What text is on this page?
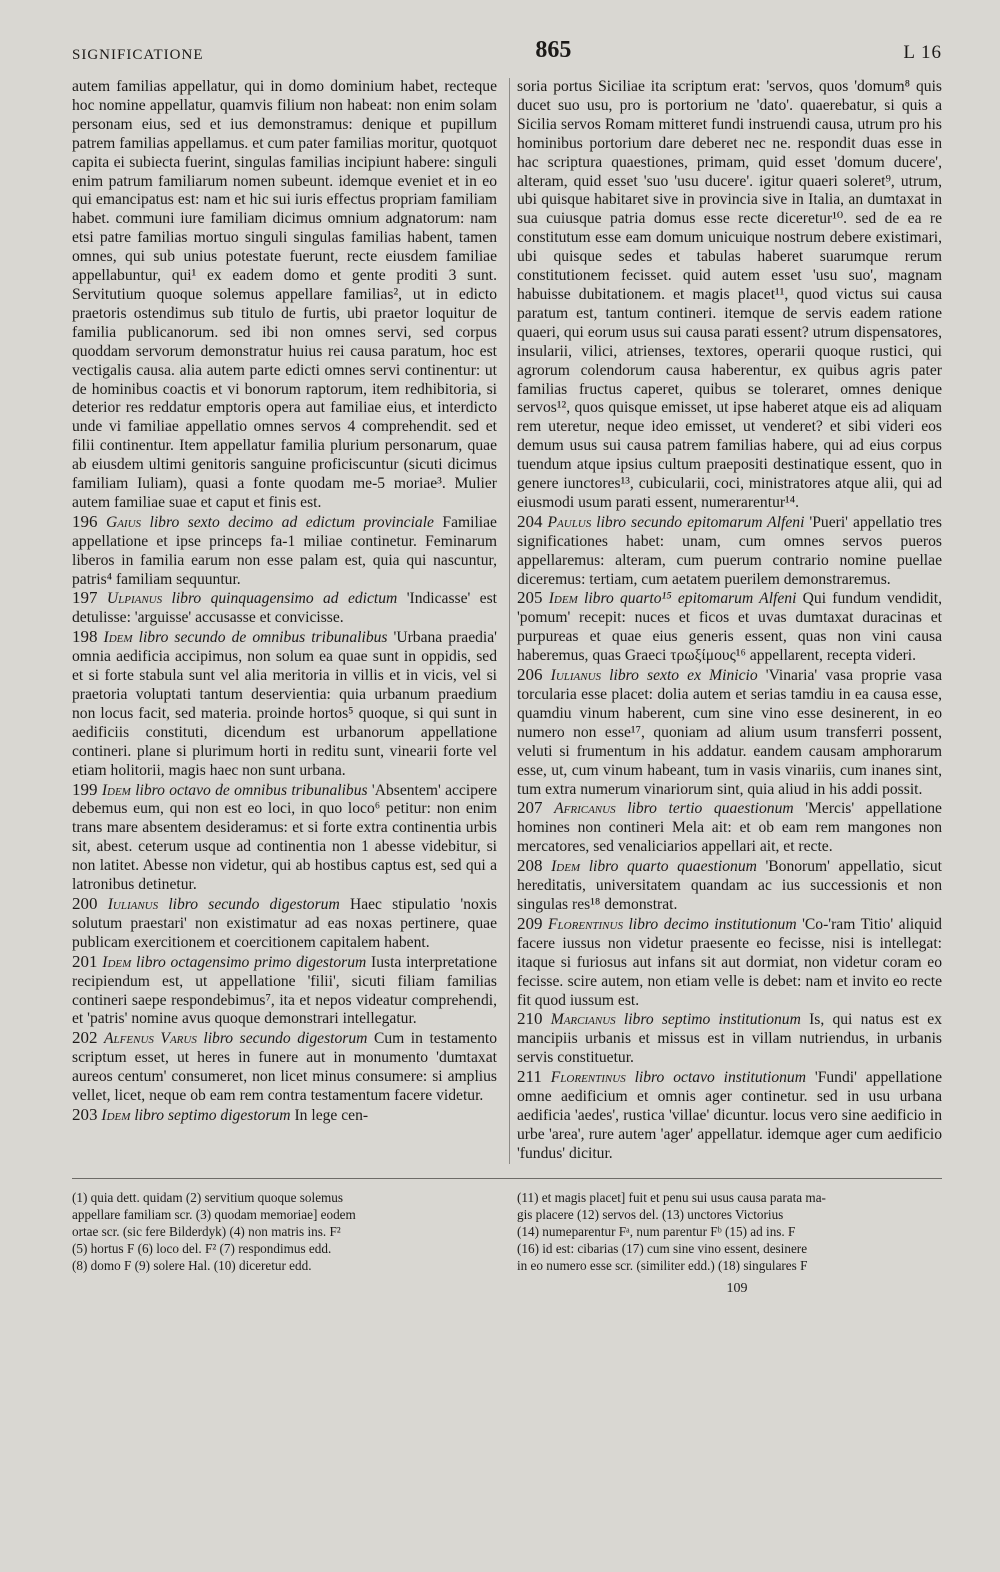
SIGNIFICATIONE	865	L 16

autem familias appellatur, qui in domo dominium habet, recteque hoc nomine appellatur, quamvis filium non habeat: non enim solam personam eius, sed et ius demonstramus: denique et pupillum patrem familias appellamus. et cum pater familias moritur, quotquot capita ei subiecta fuerint, singulas familias incipiunt habere: singuli enim patrum familiarum nomen subeunt. idemque eveniet et in eo qui emancipatus est: nam et hic sui iuris effectus propriam familiam habet. communi iure familiam dicimus omnium adgnatorum: nam etsi patre familias mortuo singuli singulas familias habent, tamen omnes, qui sub unius potestate fuerunt, recte eiusdem familiae appellabuntur, qui¹ ex eadem domo et gente proditi 3 sunt. Servitutium quoque solemus appellare familias², ut in edicto praetoris ostendimus sub titulo de furtis, ubi praetor loquitur de familia publicanorum. sed ibi non omnes servi, sed corpus quoddam servorum demonstratur huius rei causa paratum, hoc est vectigalis causa. alia autem parte edicti omnes servi continentur: ut de hominibus coactis et vi bonorum raptorum, item redhibitoria, si deterior res reddatur emptoris opera aut familiae eius, et interdicto unde vi familiae appellatio omnes servos 4 comprehendit. sed et filii continentur. Item appellatur familia plurium personarum, quae ab eiusdem ultimi genitoris sanguine proficiscuntur (sicuti dicimus familiam Iuliam), quasi a fonte quodam me-5 moriae³. Mulier autem familiae suae et caput et finis est.

196 Gaius libro sexto decimo ad edictum provinciale Familiae appellatione et ipse princeps fa-1 miliae continetur. Feminarum liberos in familia earum non esse palam est, quia qui nascuntur, patris⁴ familiam sequuntur.

197 Ulpianus libro quinquagensimo ad edictum 'Indicasse' est detulisse: 'arguisse' accusasse et convicisse.

198 Idem libro secundo de omnibus tribunalibus 'Urbana praedia' omnia aedificia accipimus, non solum ea quae sunt in oppidis, sed et si forte stabula sunt vel alia meritoria in villis et in vicis, vel si praetoria voluptati tantum deservientia: quia urbanum praedium non locus facit, sed materia. proinde hortos⁵ quoque, si qui sunt in aedificiis constituti, dicendum est urbanorum appellatione contineri. plane si plurimum horti in reditu sunt, vinearii forte vel etiam holitorii, magis haec non sunt urbana.

199 Idem libro octavo de omnibus tribunalibus 'Absentem' accipere debemus eum, qui non est eo loci, in quo loco⁶ petitur: non enim trans mare absentem desideramus: et si forte extra continentia urbis sit, abest. ceterum usque ad continentia non 1 abesse videbitur, si non latitet. Abesse non videtur, qui ab hostibus captus est, sed qui a latronibus detinetur.

200 Iulianus libro secundo digestorum Haec stipulatio 'noxis solutum praestari' non existimatur ad eas noxas pertinere, quae publicam exercitionem et coercitionem capitalem habent.

201 Idem libro octagensimo primo digestorum Iusta interpretatione recipiendum est, ut appellatione 'filii', sicuti filiam familias contineri saepe respondebimus⁷, ita et nepos videatur comprehendi, et 'patris' nomine avus quoque demonstrari intellegatur.

202 Alfenus Varus libro secundo digestorum Cum in testamento scriptum esset, ut heres in funere aut in monumento 'dumtaxat aureos centum' consumeret, non licet minus consumere: si amplius vellet, licet, neque ob eam rem contra testamentum facere videtur.

203 Idem libro septimo digestorum In lege cen-

soria portus Siciliae ita scriptum erat: 'servos, quos 'domum⁸ quis ducet suo usu, pro is portorium ne 'dato'. quaerebatur, si quis a Sicilia servos Romam mitteret fundi instruendi causa, utrum pro his hominibus portorium dare deberet nec ne. respondit duas esse in hac scriptura quaestiones, primam, quid esset 'domum ducere', alteram, quid esset 'suo 'usu ducere'. igitur quaeri soleret⁹, utrum, ubi quisque habitaret sive in provincia sive in Italia, an dumtaxat in sua cuiusque patria domus esse recte diceretur¹⁰. sed de ea re constitutum esse eam domum unicuique nostrum debere existimari, ubi quisque sedes et tabulas haberet suarumque rerum constitutionem fecisset. quid autem esset 'usu suo', magnam habuisse dubitationem. et magis placet¹¹, quod victus sui causa paratum est, tantum contineri. itemque de servis eadem ratione quaeri, qui eorum usus sui causa parati essent? utrum dispensatores, insularii, vilici, atrienses, textores, operarii quoque rustici, qui agrorum colendorum causa haberentur, ex quibus agris pater familias fructus caperet, quibus se toleraret, omnes denique servos¹², quos quisque emisset, ut ipse haberet atque eis ad aliquam rem uteretur, neque ideo emisset, ut venderet? et sibi videri eos demum usus sui causa patrem familias habere, qui ad eius corpus tuendum atque ipsius cultum praepositi destinatique essent, quo in genere iunctores¹³, cubicularii, coci, ministratores atque alii, qui ad eiusmodi usum parati essent, numerarentur¹⁴.

204 Paulus libro secundo epitomarum Alfeni 'Pueri' appellatio tres significationes habet: unam, cum omnes servos pueros appellaremus: alteram, cum puerum contrario nomine puellae diceremus: tertiam, cum aetatem puerilem demonstraremus.

205 Idem libro quarto¹⁵ epitomarum Alfeni Qui fundum vendidit, 'pomum' recepit: nuces et ficos et uvas dumtaxat duracinas et purpureas et quae eius generis essent, quas non vini causa haberemus, quas Graeci τρωξίμους¹⁶ appellarent, recepta videri.

206 Iulianus libro sexto ex Minicio 'Vinaria' vasa proprie vasa torcularia esse placet: dolia autem et serias tamdiu in ea causa esse, quamdiu vinum haberent, cum sine vino esse desinerent, in eo numero non esse¹⁷, quoniam ad alium usum transferri possent, veluti si frumentum in his addatur. eandem causam amphorarum esse, ut, cum vinum habeant, tum in vasis vinariis, cum inanes sint, tum extra numerum vinariorum sint, quia aliud in his addi possit.

207 Africanus libro tertio quaestionum 'Mercis' appellatione homines non contineri Mela ait: et ob eam rem mangones non mercatores, sed venaliciarios appellari ait, et recte.

208 Idem libro quarto quaestionum 'Bonorum' appellatio, sicut hereditatis, universitatem quandam ac ius successionis et non singulas res¹⁸ demonstrat.

209 Florentinus libro decimo institutionum 'Co-'ram Titio' aliquid facere iussus non videtur praesente eo fecisse, nisi is intellegat: itaque si furiosus aut infans sit aut dormiat, non videtur coram eo fecisse. scire autem, non etiam velle is debet: nam et invito eo recte fit quod iussum est.

210 Marcianus libro septimo institutionum Is, qui natus est ex mancipiis urbanis et missus est in villam nutriendus, in urbanis servis constituetur.

211 Florentinus libro octavo institutionum 'Fundi' appellatione omne aedificium et omnis ager continetur. sed in usu urbana aedificia 'aedes', rustica 'villae' dicuntur. locus vero sine aedificio in urbe 'area', rure autem 'ager' appellatur. idemque ager cum aedificio 'fundus' dicitur.

(1) quia dett. quidam (2) servitium quoque solemus

appellare familiam scr. (3) quodam memoriae] eodem

ortae scr. (sic fere Bilderdyk) (4) non matris ins. F²

(5) hortus F (6) loco del. F² (7) respondimus edd.

(8) domo F (9) solere Hal. (10) diceretur edd.

(11) et magis placet] fuit et penu sui usus causa parata ma-

gis placere (12) servos del. (13) unctores Victorius

(14) numeparentur Fᵃ, num parentur Fᵇ (15) ad ins. F

(16) id est: cibarias (17) cum sine vino essent, desinere

in eo numero esse scr. (similiter edd.) (18) singulares F

109
